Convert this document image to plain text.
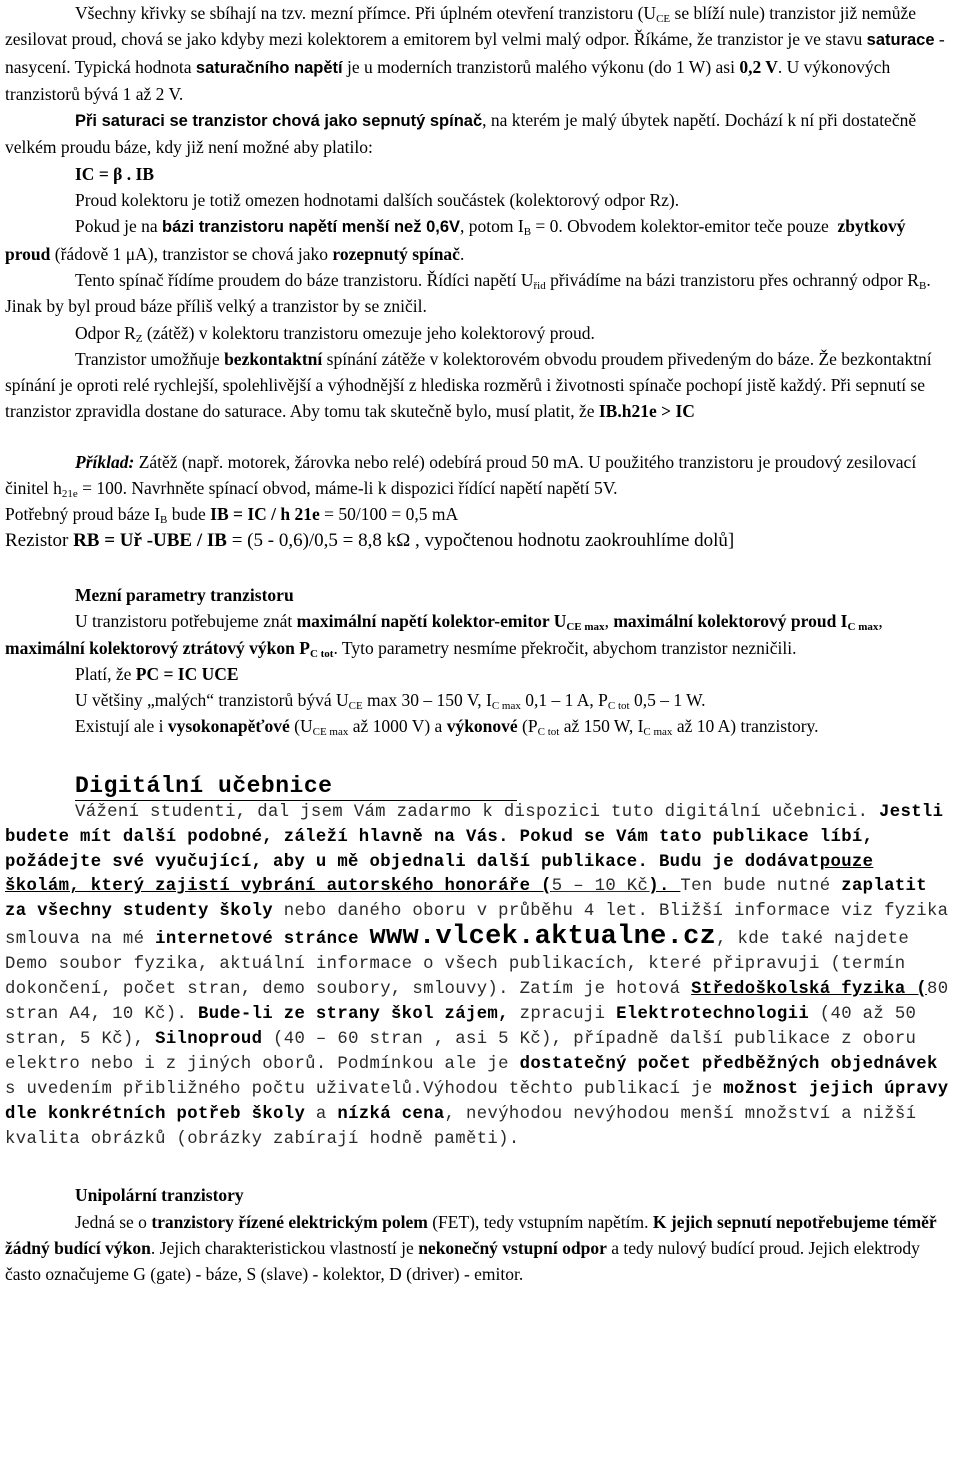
Všechny křivky se sbíhají na tzv. mezní přímce. Při úplném otevření tranzistoru ($U_{CE}$ se blíží nule) tranzistor již nemůže zesilovat proud, chová se jako kdyby mezi kolektorem a emitorem byl velmi malý odpor. Říkáme, že tranzistor je ve stavu saturace - nasycení. Typická hodnota saturačního napětí je u moderních tranzistorů malého výkonu (do 1 W) asi 0,2 V. U výkonových tranzistorů bývá 1 až 2 V.

Při saturaci se tranzistor chová jako sepnutý spínač, na kterém je malý úbytek napětí. Dochází k ní při dostatečně velkém proudu báze, kdy již není možné aby platilo:

IC = β . IB

Proud kolektoru je totiž omezen hodnotami dalších součástek (kolektorový odpor Rz).

Pokud je na bázi tranzistoru napětí menší než 0,6V, potom $I_B = 0$. Obvodem kolektor-emitor teče pouze zbytkový proud (řádově 1 μA), tranzistor se chová jako rozepnutý spínač.

Tento spínač řídíme proudem do báze tranzistoru. Řídíci napětí $U_{řid}$ přivádíme na bázi tranzistoru přes ochranný odpor $R_B$. Jinak by byl proud báze příliš velký a tranzistor by se zničil.

Odpor $R_Z$ (zátěž) v kolektoru tranzistoru omezuje jeho kolektorový proud.

Tranzistor umožňuje bezkontaktní spínání zátěže v kolektorovém obvodu proudem přivedeným do báze. Že bezkontaktní spínání je oproti relé rychlejší, spolehlivější a výhodnější z hlediska rozměrů i životnosti spínače pochopí jistě každý. Při sepnutí se tranzistor zpravidla dostane do saturace. Aby tomu tak skutečně bylo, musí platit, že IB.h21e > IC

Příklad: Zátěž (např. motorek, žárovka nebo relé) odebírá proud 50 mA. U použitého tranzistoru je proudový zesilovací činitel $h_{21e} = 100$. Navrhněte spínací obvod, máme-li k dispozici řídící napětí napětí 5V.

Potřebný proud báze $I_B$ bude IB = IC / h 21e = 50/100 = 0,5 mA

Rezistor RB = Uř -UBE / IB = (5 - 0,6)/0,5 = 8,8 kΩ , vypočtenou hodnotu zaokrouhlíme dolů]

Mezní parametry tranzistoru

U tranzistoru potřebujeme znát maximální napětí kolektor-emitor $U_{CE max}$, maximální kolektorový proud $I_{C max}$, maximální kolektorový ztrátový výkon $P_{C tot}$. Tyto parametry nesmíme překročit, abychom tranzistor nezničili.

Platí, že PC = IC UCE

U většiny „malých“ tranzistorů bývá $U_{CE}$ max 30 – 150 V, $I_{C max}$ 0,1 – 1 A, $P_{C tot}$ 0,5 – 1 W.

Existují ale i vysokonapěťové ($U_{CE max}$ až 1000 V) a výkonové ($P_{C tot}$ až 150 W, $I_{C max}$ až 10 A) tranzistory.

Digitální učebnice

Vážení studenti, dal jsem Vám zadarmo k dispozici tuto digitální učebnici. Jestli budete mít další podobné, záleží hlavně na Vás. Pokud se Vám tato publikace líbí, požádejte své vyučující, aby u mě objednali další publikace. Budu je dodávatpouze školám, který zajistí vybrání autorského honoráře (5 – 10 Kč). Ten bude nutné zaplatit za všechny studenty školy nebo daného oboru v průběhu 4 let. Bližší informace viz fyzika smlouva na mé internetové stránce www.vlcek.aktualne.cz, kde také najdete Demo soubor fyzika, aktuální informace o všech publikacích, které připravuji (termín dokončení, počet stran, demo soubory, smlouvy). Zatím je hotová Středoškolská fyzika (80 stran A4, 10 Kč). Bude-li ze strany škol zájem, zpracuji Elektrotechnologii (40 až 50 stran, 5 Kč), Silnoproud (40 – 60 stran , asi 5 Kč), případně další publikace z oboru elektro nebo i z jiných oborů. Podmínkou ale je dostatečný počet předběžných objednávek s uvedením přibližného počtu uživatelů.Výhodou těchto publikací je možnost jejich úpravy dle konkrétních potřeb školy a nízká cena, nevýhodou nevýhodou menší množství a nižší kvalita obrázků (obrázky zabírají hodně paměti).

Unipolární tranzistory

Jedná se o tranzistory řízené elektrickým polem (FET), tedy vstupním napětím. K jejich sepnutí nepotřebujeme téměř žádný budící výkon. Jejich charakteristickou vlastností je nekonečný vstupní odpor a tedy nulový budící proud. Jejich elektrody často označujeme G (gate) - báze, S (slave) - kolektor, D (driver) - emitor.
